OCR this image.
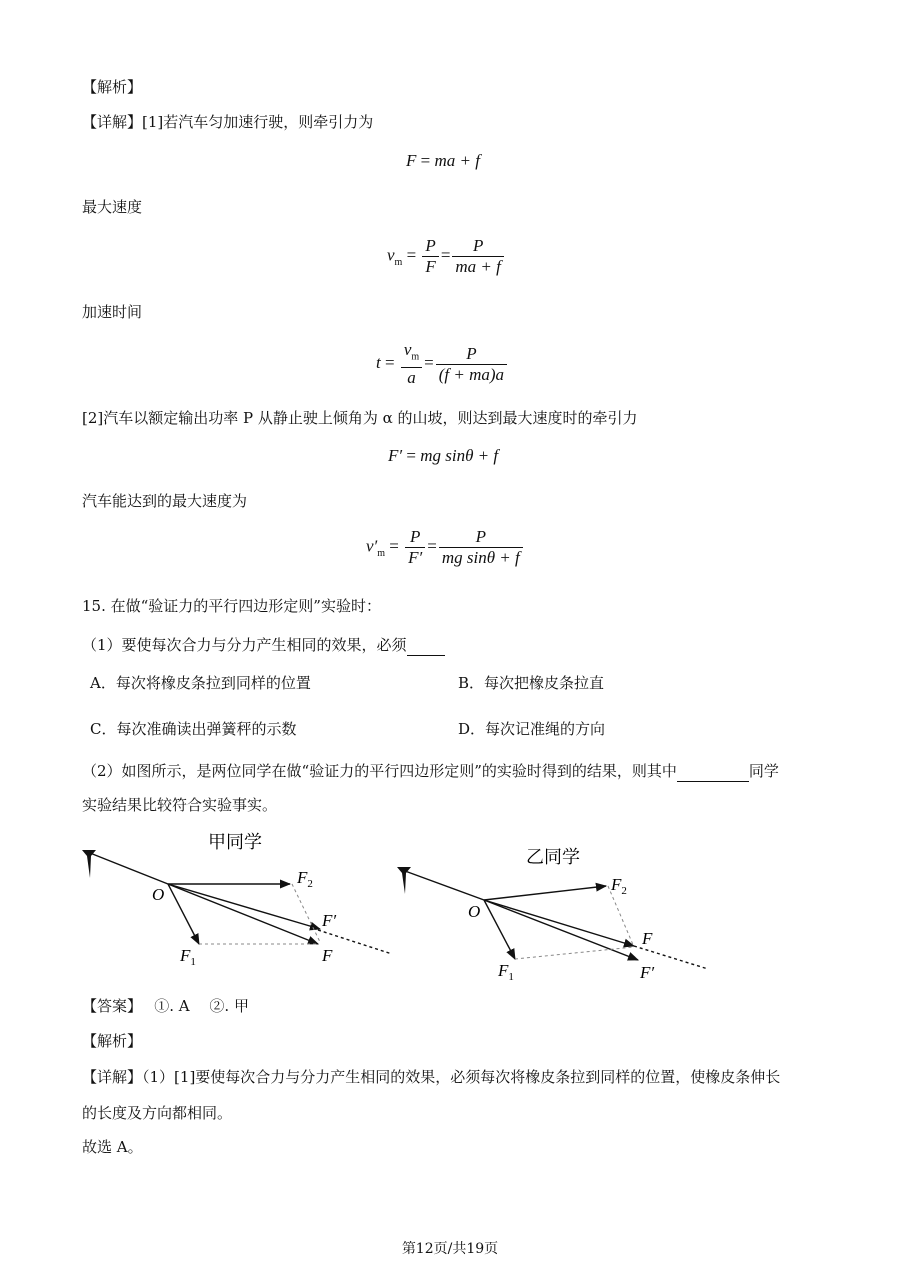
【解析】
【详解】[1]若汽车匀加速行驶，则牵引力为
F = ma + f
最大速度
$v_m = \frac{P}{F} = \frac{P}{ma + f}$
加速时间
$t = \frac{v_m}{a} = \frac{P}{(f + ma)a}$
[2]汽车以额定输出功率 P 从静止驶上倾角为 α 的山坡，则达到最大速度时的牵引力
F′ = mg sinθ + f
汽车能达到的最大速度为
$v'_m = \frac{P}{F'} = \frac{P}{\text{mg sinθ + f}}$
15. 在做“验证力的平行四边形定则”实验时：
（1）要使每次合力与分力产生相同的效果，必须
A．每次将橡皮条拉到同样的位置	B．每次把橡皮条拉直
C．每次准确读出弹簧秤的示数	D．每次记准绳的方向
（2）如图所示，是两位同学在做“验证力的平行四边形定则”的实验时得到的结果，则其中	同学
实验结果比较符合实验事实。
甲同学
O
$F_2$
F′
$F_1$	F
乙同学
O
$F_2$
F
$F_1$	F′
【答案】　 ①. A　 ②. 甲
【解析】
【详解】（1）[1]要使每次合力与分力产生相同的效果，必须每次将橡皮条拉到同样的位置，使橡皮条伸长
的长度及方向都相同。
故选 A。
第12页/共19页
